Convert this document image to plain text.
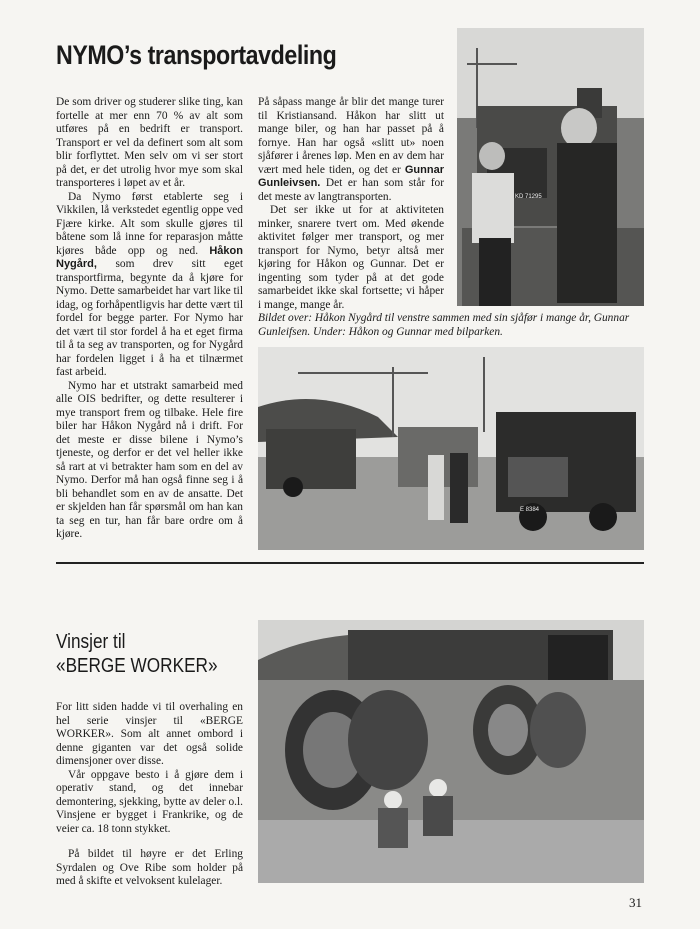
NYMO’s transportavdeling

De som driver og studerer slike ting, kan fortelle at mer enn 70 % av alt som utføres på en bedrift er transport. Transport er vel da definert som alt som blir forflyttet. Men selv om vi ser stort på det, er det utrolig hvor mye som skal transporteres i løpet av et år.

Da Nymo først etablerte seg i Vikkilen, lå verkstedet egentlig oppe ved Fjære kirke. Alt som skulle gjøres til båtene som lå inne for reparasjon måtte kjøres både opp og ned. Håkon Nygård, som drev sitt eget transportfirma, begynte da å kjøre for Nymo. Dette samarbeidet har vart like til idag, og forhåpentligvis har dette vært til fordel for begge parter. For Nymo har det vært til stor fordel å ha et eget firma til å ta seg av transporten, og for Nygård har fordelen ligget i å ha et tilnærmet fast arbeid.

Nymo har et utstrakt samarbeid med alle OIS bedrifter, og dette resulterer i mye transport frem og tilbake. Hele fire biler har Håkon Nygård nå i drift. For det meste er disse bilene i Nymo’s tjeneste, og derfor er det vel heller ikke så rart at vi betrakter ham som en del av Nymo. Derfor må han også finne seg i å bli behandlet som en av de ansatte. Det er skjelden han får spørsmål om han kan ta seg en tur, han får bare ordre om å kjøre.

På såpass mange år blir det mange turer til Kristiansand. Håkon har slitt ut mange biler, og han har passet på å fornye. Han har også «slitt ut» noen sjåfører i årenes løp. Men en av dem har vært med hele tiden, og det er Gunnar Gunleivsen. Det er han som står for det meste av langtransporten.

Det ser ikke ut for at aktiviteten minker, snarere tvert om. Med økende aktivitet følger mer transport, og mer transport for Nymo, betyr altså mer kjøring for Håkon og Gunnar. Det er ingenting som tyder på at det gode samarbeidet ikke skal fortsette; vi håper i mange, mange år.

KD 71295
Bildet over: Håkon Nygård til venstre sammen med sin sjåfør i mange år, Gunnar Gunleifsen. Under: Håkon og Gunnar med bilparken.
E 8384
Vinsjer til
«BERGE WORKER»

For litt siden hadde vi til overhaling en hel serie vinsjer til «BERGE WORKER». Som alt annet ombord i denne giganten var det også solide dimensjoner over disse.

Vår oppgave besto i å gjøre dem i operativ stand, og det innebar demontering, sjekking, bytte av deler o.l. Vinsjene er bygget i Frankrike, og de veier ca. 18 tonn stykket.

På bildet til høyre er det Erling Syrdalen og Ove Ribe som holder på med å skifte et velvoksent kulelager.

31
